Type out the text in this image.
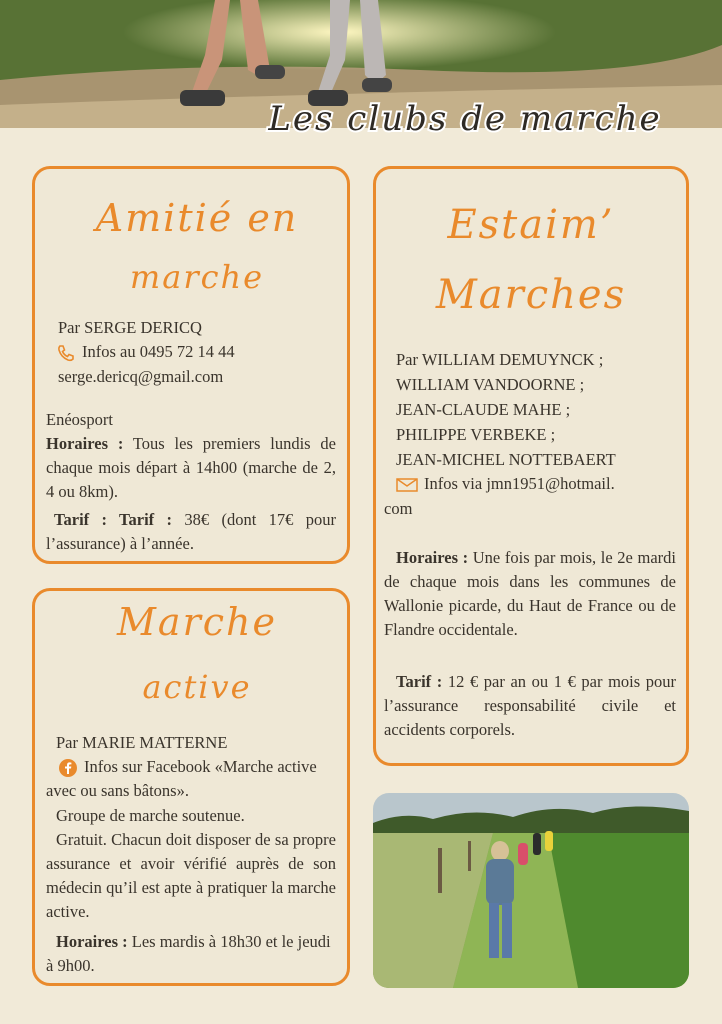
Les clubs de marche
Amitié en
marche
Par SERGE DERICQ
Infos au 0495 72 14 44
serge.dericq@gmail.com
Enéosport
Horaires : Tous les premiers lundis de chaque mois départ à 14h00 (marche de 2, 4 ou 8km).
Tarif : Tarif : 38€ (dont 17€ pour l’assurance) à l’année.
Estaim’
Marches
Par WILLIAM DEMUYNCK ;
WILLIAM VANDOORNE ;
JEAN-CLAUDE MAHE ;
PHILIPPE VERBEKE ;
JEAN-MICHEL NOTTEBAERT
Infos via jmn1951@hotmail.
com
Horaires : Une fois par mois, le 2e mardi de chaque mois dans les communes de Wallonie picarde, du Haut de France ou de Flandre occidentale.
Tarif : 12 € par an ou 1 € par mois pour l’assurance responsabilité civile et accidents corporels.
Marche
active
Par MARIE MATTERNE
Infos sur Facebook «Marche active avec ou sans bâtons».
Groupe de marche soutenue.
Gratuit. Chacun doit disposer de sa propre assurance et avoir vérifié auprès de son médecin qu’il est apte à pratiquer la marche active.
Horaires : Les mardis à 18h30 et le jeudi à 9h00.
